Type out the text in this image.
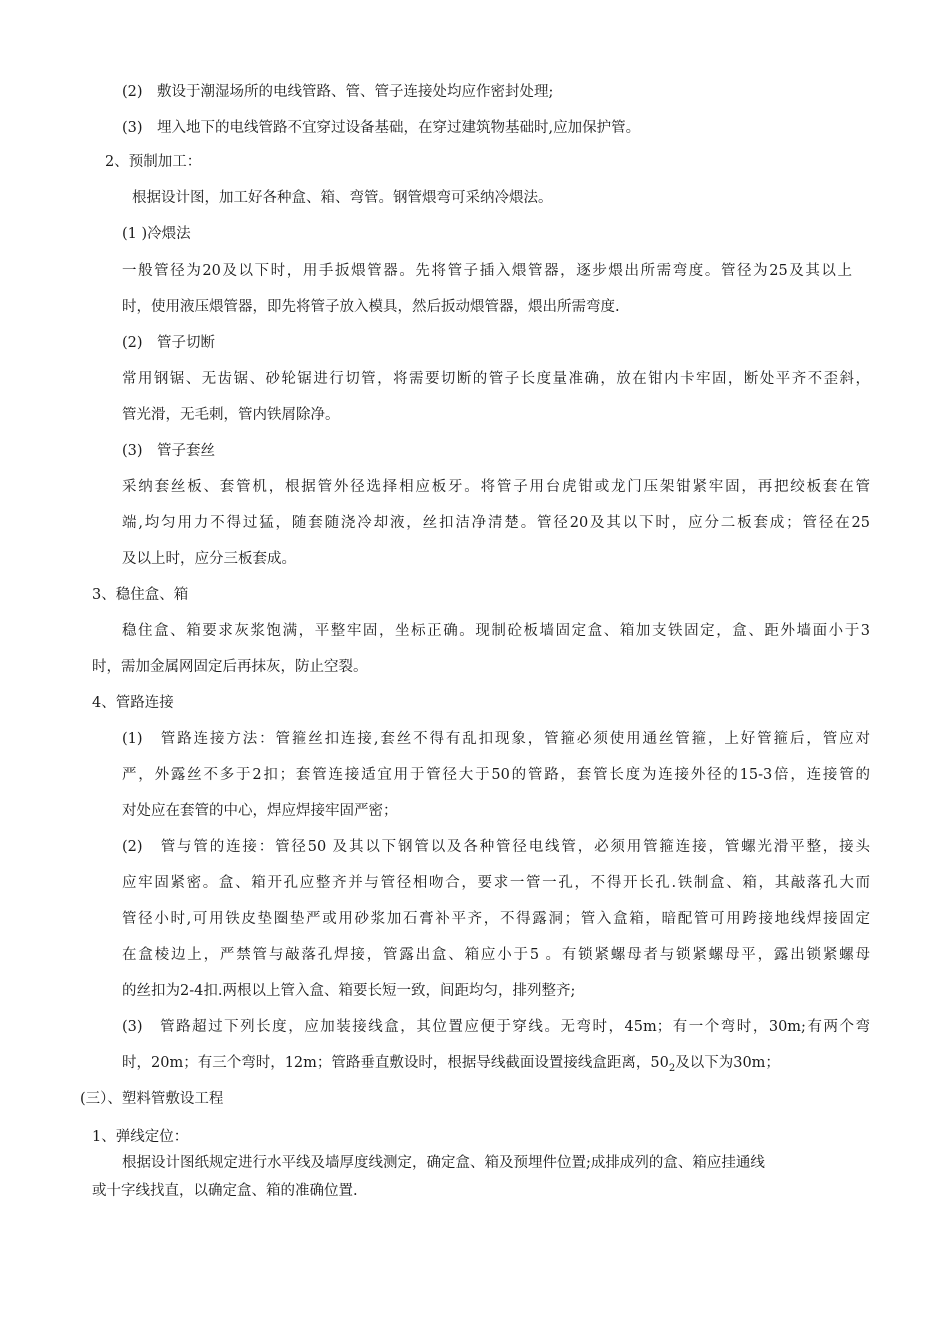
(2)　敷设于潮湿场所的电线管路、管、管子连接处均应作密封处理;
(3)　埋入地下的电线管路不宜穿过设备基础，在穿过建筑物基础时,应加保护管。
2、预制加工：
根据设计图，加工好各种盒、箱、弯管。钢管煨弯可采纳冷煨法。
(1 )冷煨法
一般管径为20及以下时，用手扳煨管器。先将管子插入煨管器，逐步煨出所需弯度。管径为25及其以上
时，使用液压煨管器，即先将管子放入模具，然后扳动煨管器，煨出所需弯度.
(2)　管子切断
常用钢锯、无齿锯、砂轮锯进行切管，将需要切断的管子长度量准确，放在钳内卡牢固，断处平齐不歪斜，
管光滑，无毛刺，管内铁屑除净。
(3)　管子套丝
采纳套丝板、套管机，根据管外径选择相应板牙。将管子用台虎钳或龙门压架钳紧牢固，再把绞板套在管
端,均匀用力不得过猛，随套随浇冷却液，丝扣洁净清楚。管径20及其以下时，应分二板套成；管径在25
及以上时，应分三板套成。
3、稳住盒、箱
稳住盒、箱要求灰浆饱满，平整牢固，坐标正确。现制砼板墙固定盒、箱加支铁固定，盒、距外墙面小于3
时，需加金属网固定后再抹灰，防止空裂。
4、管路连接
(1)　管路连接方法：管箍丝扣连接,套丝不得有乱扣现象，管箍必须使用通丝管箍，上好管箍后，管应对
严，外露丝不多于2扣；套管连接适宜用于管径大于50的管路，套管长度为连接外径的15-3倍，连接管的
对处应在套管的中心，焊应焊接牢固严密；
(2)　管与管的连接：管径50 及其以下钢管以及各种管径电线管，必须用管箍连接，管螺光滑平整，接头
应牢固紧密。盒、箱开孔应整齐并与管径相吻合，要求一管一孔，不得开长孔.铁制盒、箱，其敲落孔大而
管径小时,可用铁皮垫圈垫严或用砂浆加石膏补平齐，不得露洞；管入盒箱，暗配管可用跨接地线焊接固定
在盒棱边上，严禁管与敲落孔焊接，管露出盒、箱应小于5 。有锁紧螺母者与锁紧螺母平，露出锁紧螺母
的丝扣为2-4扣.两根以上管入盒、箱要长短一致，间距均匀，排列整齐;
(3)　管路超过下列长度，应加装接线盒，其位置应便于穿线。无弯时，45m；有一个弯时，30m;有两个弯
时，20m；有三个弯时，12m；管路垂直敷设时，根据导线截面设置接线盒距离，$50_2$及以下为30m；
(三）、塑料管敷设工程
1、弹线定位：
根据设计图纸规定进行水平线及墙厚度线测定，确定盒、箱及预埋件位置;成排成列的盒、箱应挂通线
或十字线找直，以确定盒、箱的准确位置.
